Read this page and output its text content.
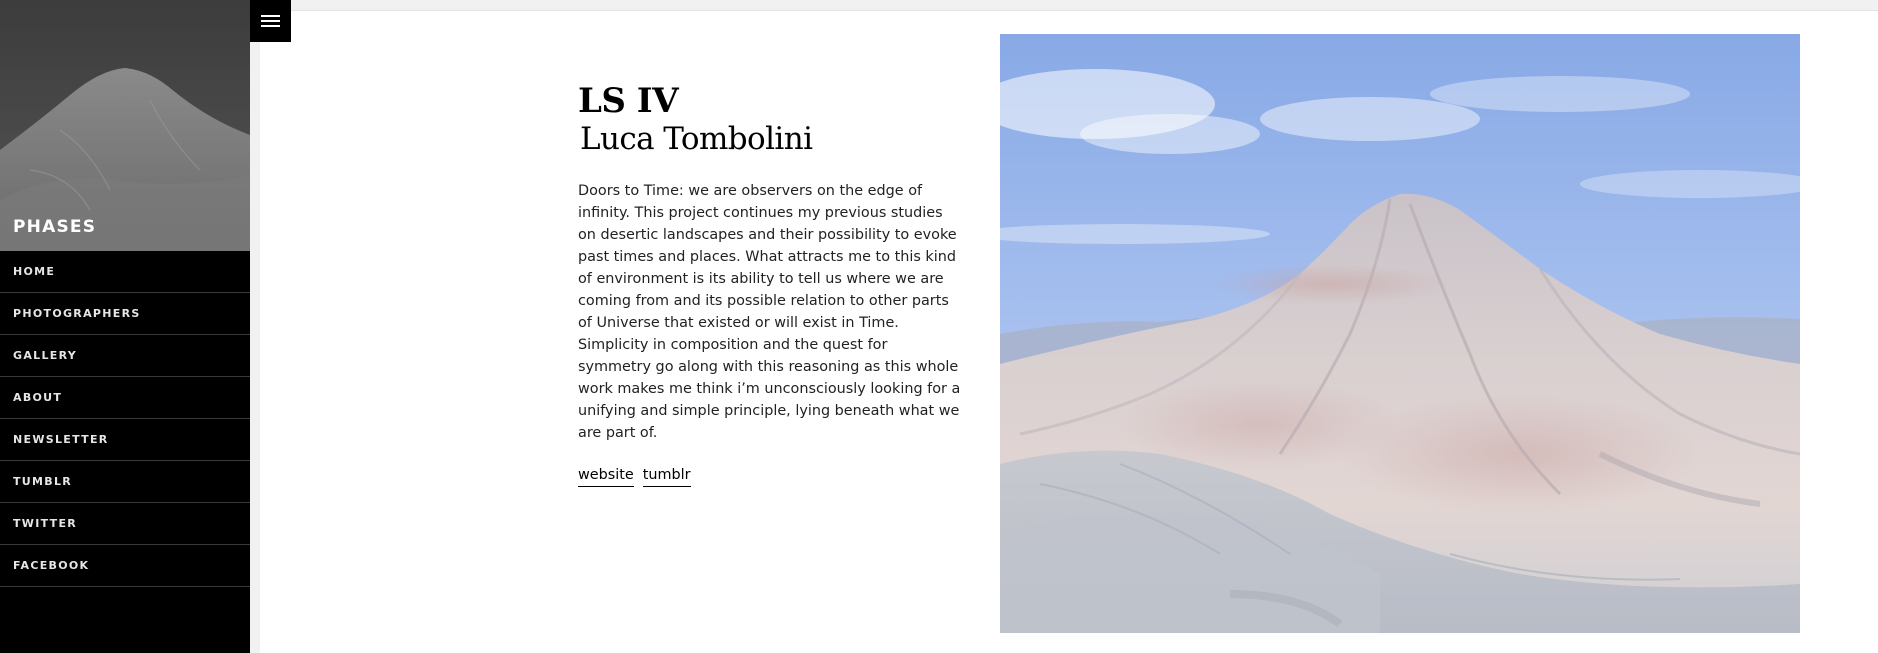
PHASES
HOME
PHOTOGRAPHERS
GALLERY
ABOUT
NEWSLETTER
TUMBLR
TWITTER
FACEBOOK
LS IV
Luca Tombolini

Doors to Time: we are observers on the edge of infinity. This project continues my previous studies on desertic landscapes and their possibility to evoke past times and places. What attracts me to this kind of environment is its ability to tell us where we are coming from and its possible relation to other parts of Universe that existed or will exist in Time. Simplicity in composition and the quest for symmetry go along with this reasoning as this whole work makes me think i’m unconsciously looking for a unifying and simple principle, lying beneath what we are part of.

website tumblr
